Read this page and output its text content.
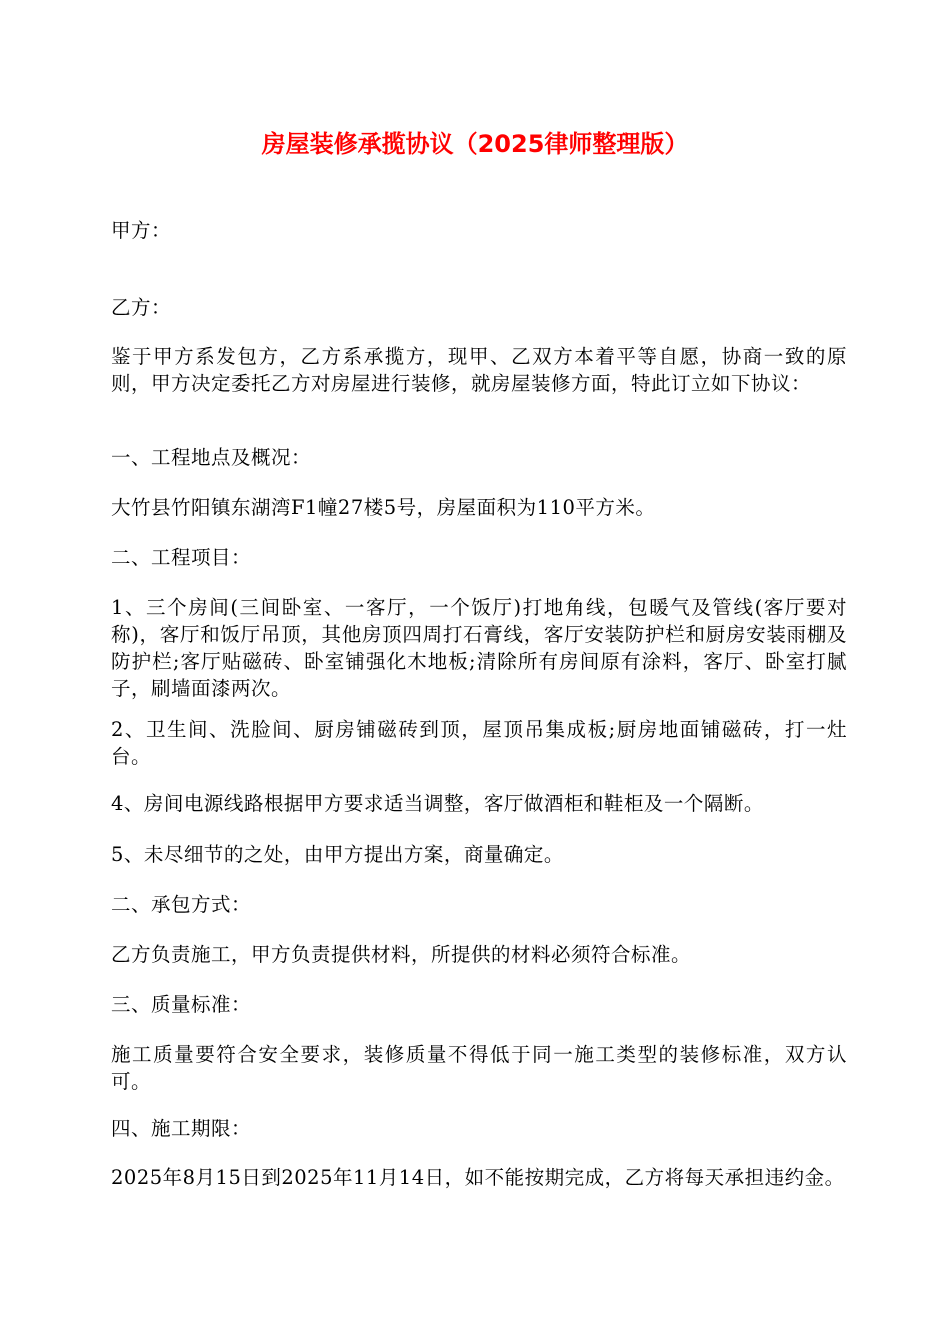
房屋装修承揽协议（2025律师整理版）
甲方：
乙方：
鉴于甲方系发包方，乙方系承揽方，现甲、乙双方本着平等自愿，协商一致的原则，甲方决定委托乙方对房屋进行装修，就房屋装修方面，特此订立如下协议：
一、工程地点及概况：
大竹县竹阳镇东湖湾F1幢27楼5号，房屋面积为110平方米。
二、工程项目：
1、三个房间(三间卧室、一客厅，一个饭厅)打地角线，包暖气及管线(客厅要对称)，客厅和饭厅吊顶，其他房顶四周打石膏线，客厅安装防护栏和厨房安装雨棚及防护栏;客厅贴磁砖、卧室铺强化木地板;清除所有房间原有涂料，客厅、卧室打腻子，刷墙面漆两次。
2、卫生间、洗脸间、厨房铺磁砖到顶，屋顶吊集成板;厨房地面铺磁砖，打一灶台。
4、房间电源线路根据甲方要求适当调整，客厅做酒柜和鞋柜及一个隔断。
5、未尽细节的之处，由甲方提出方案，商量确定。
二、承包方式：
乙方负责施工，甲方负责提供材料，所提供的材料必须符合标准。
三、质量标准：
施工质量要符合安全要求，装修质量不得低于同一施工类型的装修标准，双方认可。
四、施工期限：
2025年8月15日到2025年11月14日，如不能按期完成，乙方将每天承担违约金。
